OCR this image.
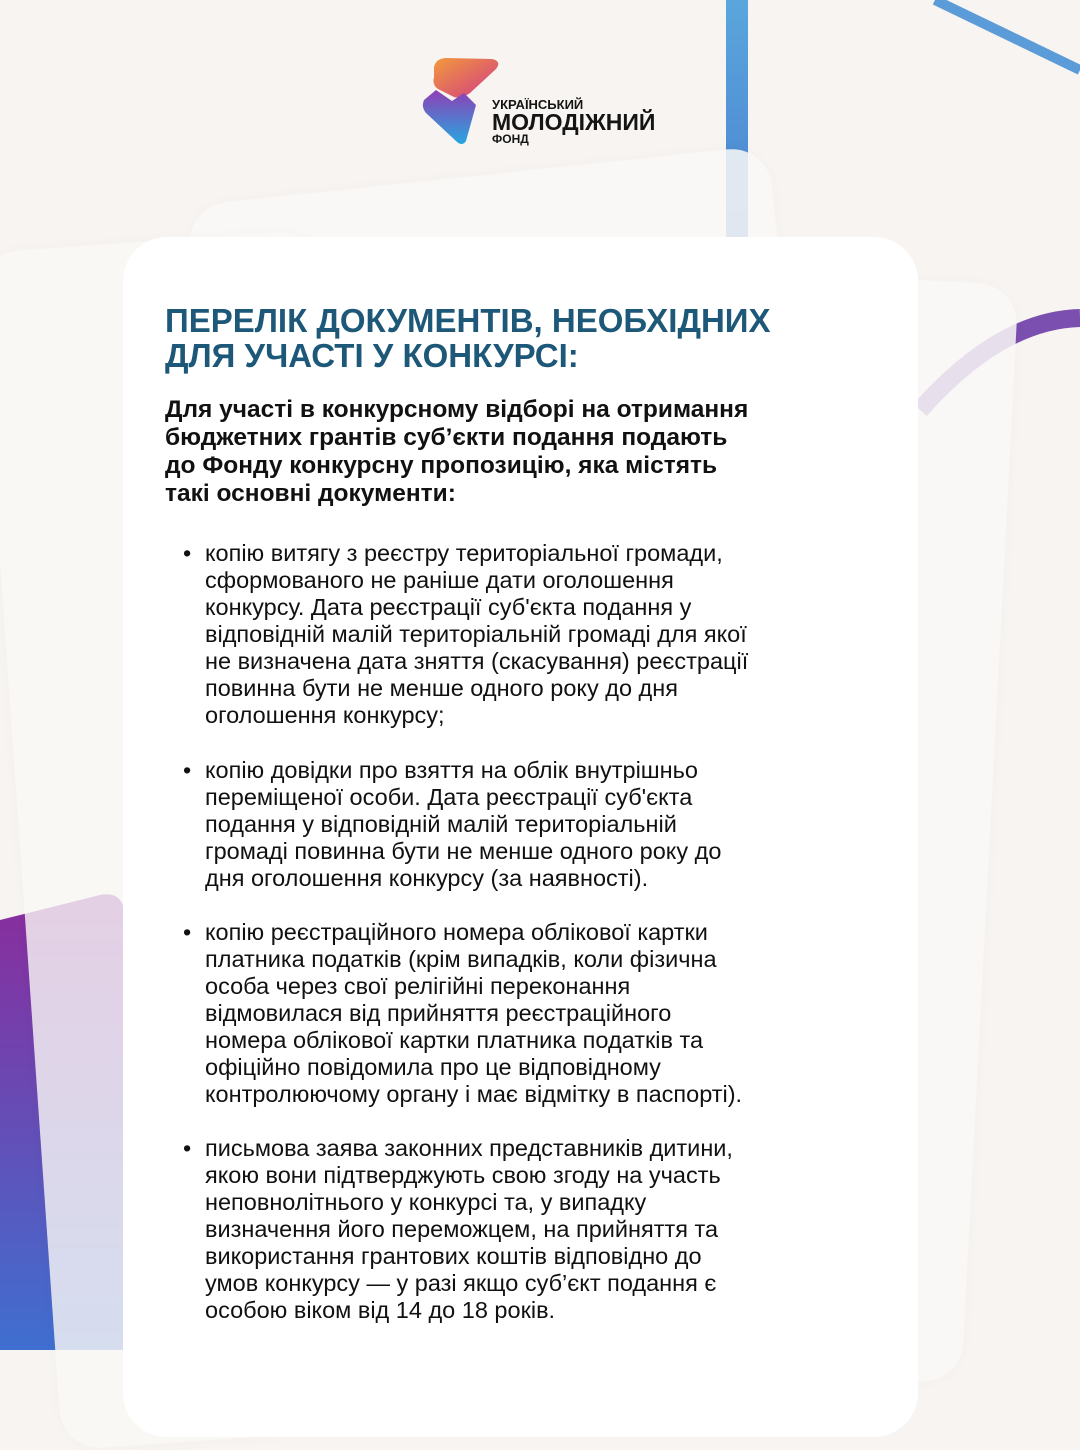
УКРАЇНСЬКИЙ
МОЛОДІЖНИЙ
ФОНД
ПЕРЕЛІК ДОКУМЕНТІВ, НЕОБХІДНИХ
ДЛЯ УЧАСТІ У КОНКУРСІ:
Для участі в конкурсному відборі на отримання
бюджетних грантів суб’єкти подання подають
до Фонду конкурсну пропозицію, яка містять
такі основні документи:
• копію витягу з реєстру територіальної громади,
сформованого не раніше дати оголошення
конкурсу. Дата реєстрації суб'єкта подання у
відповідній малій територіальній громаді для якої
не визначена дата зняття (скасування) реєстрації
повинна бути не менше одного року до дня
оголошення конкурсу;
• копію довідки про взяття на облік внутрішньо
переміщеної особи. Дата реєстрації суб'єкта
подання у відповідній малій територіальній
громаді повинна бути не менше одного року до
дня оголошення конкурсу (за наявності).
• копію реєстраційного номера облікової картки
платника податків (крім випадків, коли фізична
особа через свої релігійні переконання
відмовилася від прийняття реєстраційного
номера облікової картки платника податків та
офіційно повідомила про це відповідному
контролюючому органу і має відмітку в паспорті).
• письмова заява законних представників дитини,
якою вони підтверджують свою згоду на участь
неповнолітнього у конкурсі та, у випадку
визначення його переможцем, на прийняття та
використання грантових коштів відповідно до
умов конкурсу — у разі якщо суб’єкт подання є
особою віком від 14 до 18 років.
